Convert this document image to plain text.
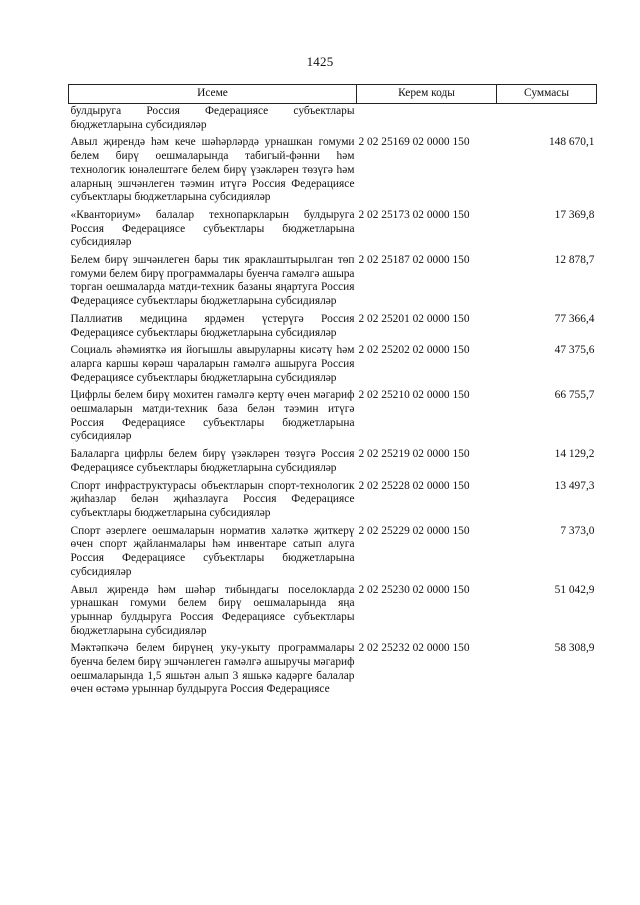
1425
Исеме	Керем коды	Суммасы
булдыруга Россия Федерациясе субъектлары бюджетларына субсидияләр		
Авыл җирендә һәм кече шәһәрләрдә урнашкан гомуми белем бирү оешмаларында табигый-фәнни һәм технологик юнәлештәге белем бирү үзәкләрен төзүгә һәм аларның эшчәнлеген тәэмин итүгә Россия Федерациясе субъектлары бюджетларына субсидияләр	2 02 25169 02 0000 150	148 670,1
«Кванториум» балалар технопаркларын булдыруга Россия Федерациясе субъектлары бюджетларына субсидияләр	2 02 25173 02 0000 150	17 369,8
Белем бирү эшчәнлеген бары тик яраклаштырылган төп гомуми белем бирү программалары буенча гамәлгә ашыра торган оешмаларда матди-техник базаны яңартуга Россия Федерациясе субъектлары бюджетларына субсидияләр	2 02 25187 02 0000 150	12 878,7
Паллиатив медицина ярдәмен үстерүгә Россия Федерациясе субъектлары бюджетларына субсидияләр	2 02 25201 02 0000 150	77 366,4
Социаль әһәмияткә ия йогышлы авыруларны кисәтү һәм аларга каршы көрәш чараларын гамәлгә ашыруга Россия Федерациясе субъектлары бюджетларына субсидияләр	2 02 25202 02 0000 150	47 375,6
Цифрлы белем бирү мохитен гамәлгә кертү өчен мәгариф оешмаларын матди-техник база белән тәэмин итүгә Россия Федерациясе субъектлары бюджетларына субсидияләр	2 02 25210 02 0000 150	66 755,7
Балаларга цифрлы белем бирү үзәкләрен төзүгә Россия Федерациясе субъектлары бюджетларына субсидияләр	2 02 25219 02 0000 150	14 129,2
Спорт инфраструктурасы объектларын спорт-технологик җиһазлар белән җиһазлауга Россия Федерациясе субъектлары бюджетларына субсидияләр	2 02 25228 02 0000 150	13 497,3
Спорт әзерлеге оешмаларын норматив халәткә җиткерү өчен спорт җайланмалары һәм инвентаре сатып алуга Россия Федерациясе субъектлары бюджетларына субсидияләр	2 02 25229 02 0000 150	7 373,0
Авыл җирендә һәм шәһәр тибындагы поселокларда урнашкан гомуми белем бирү оешмаларында яңа урыннар булдыруга Россия Федерациясе субъектлары бюджетларына субсидияләр	2 02 25230 02 0000 150	51 042,9
Мәктәпкәчә белем бирүнең уку-укыту программалары буенча белем бирү эшчәнлеген гамәлгә ашыручы мәгариф оешмаларында 1,5 яшьтән алып 3 яшькә кадәрге балалар өчен өстәмә урыннар булдыруга Россия Федерациясе	2 02 25232 02 0000 150	58 308,9
